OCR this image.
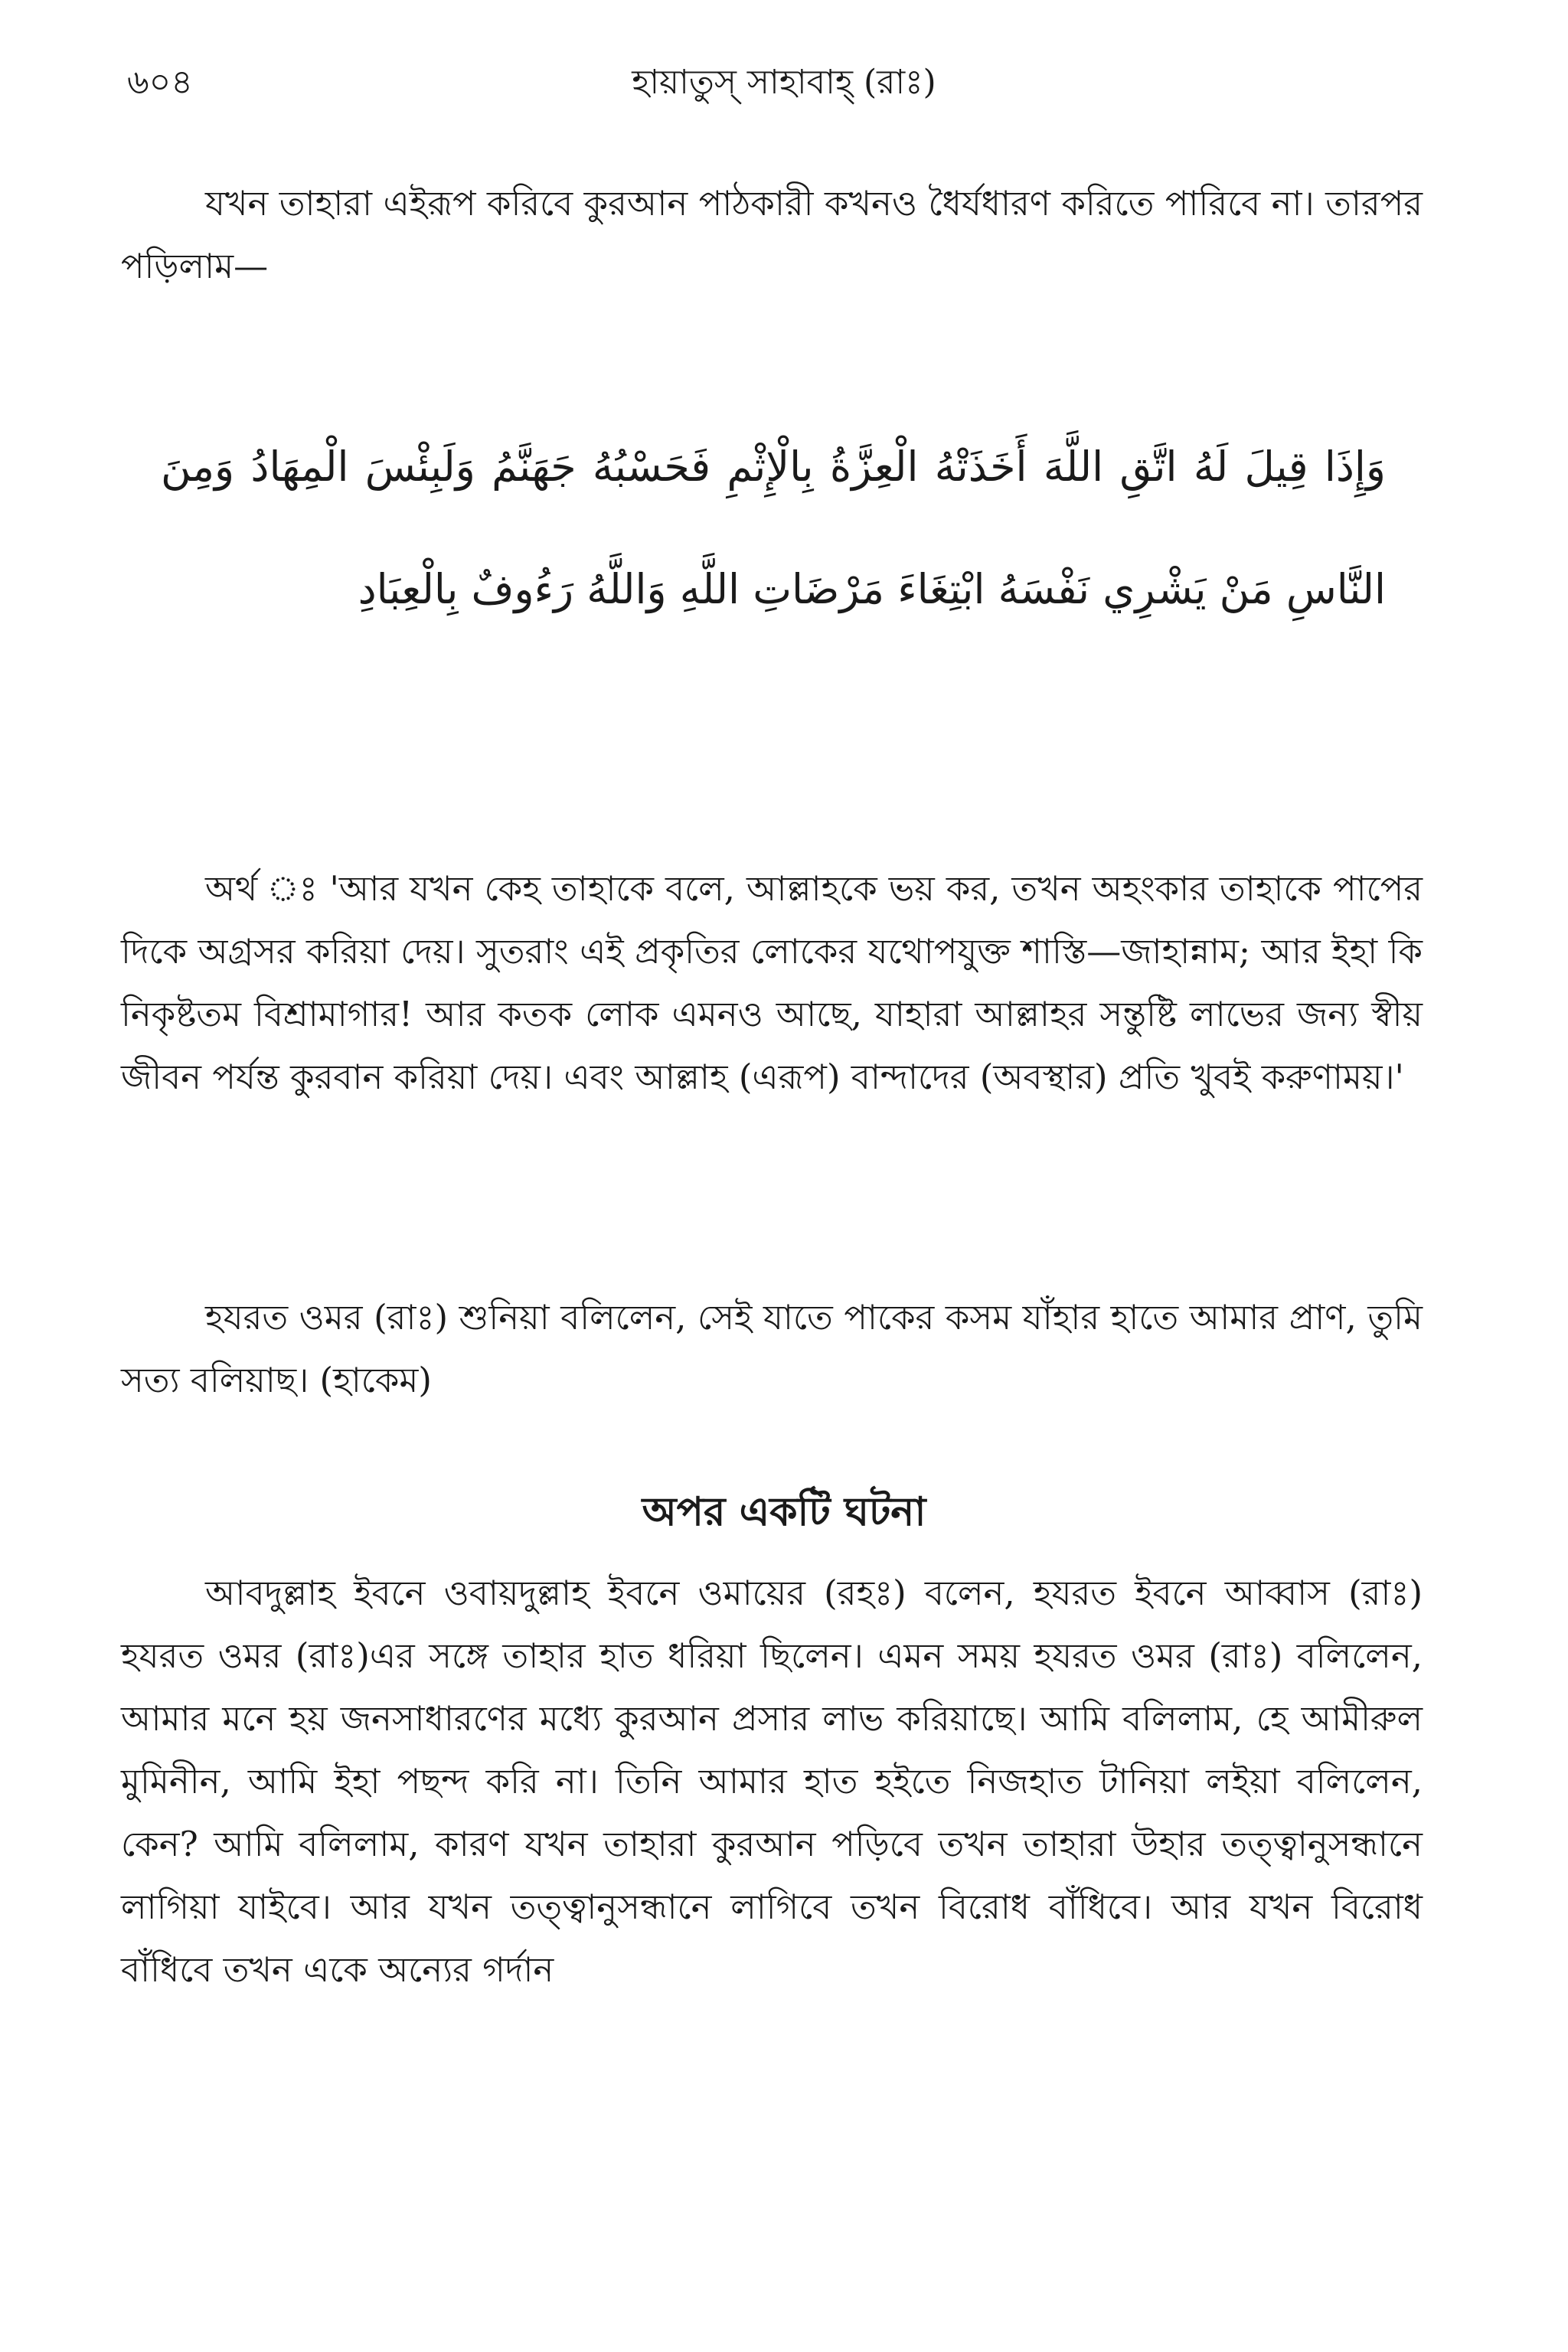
৬০৪	হায়াতুস্ সাহাবাহ্ (রাঃ)

যখন তাহারা এইরূপ করিবে কুরআন পাঠকারী কখনও ধৈর্যধারণ করিতে পারিবে না। তারপর পড়িলাম—

وَإِذَا قِيلَ لَهُ اتَّقِ اللَّهَ أَخَذَتْهُ الْعِزَّةُ بِالْإِثْمِ فَحَسْبُهُ جَهَنَّمُ وَلَبِئْسَ الْمِهَادُ وَمِنَ النَّاسِ مَنْ يَشْرِي نَفْسَهُ ابْتِغَاءَ مَرْضَاتِ اللَّهِ وَاللَّهُ رَءُوفٌ بِالْعِبَادِ

অর্থ ঃ 'আর যখন কেহ তাহাকে বলে, আল্লাহকে ভয় কর, তখন অহংকার তাহাকে পাপের দিকে অগ্রসর করিয়া দেয়। সুতরাং এই প্রকৃতির লোকের যথোপযুক্ত শাস্তি—জাহান্নাম; আর ইহা কি নিকৃষ্টতম বিশ্রামাগার! আর কতক লোক এমনও আছে, যাহারা আল্লাহর সন্তুষ্টি লাভের জন্য স্বীয় জীবন পর্যন্ত কুরবান করিয়া দেয়। এবং আল্লাহ (এরূপ) বান্দাদের (অবস্থার) প্রতি খুবই করুণাময়।'

হযরত ওমর (রাঃ) শুনিয়া বলিলেন, সেই যাতে পাকের কসম যাঁহার হাতে আমার প্রাণ, তুমি সত্য বলিয়াছ। (হাকেম)

অপর একটি ঘটনা

আবদুল্লাহ ইবনে ওবায়দুল্লাহ ইবনে ওমায়ের (রহঃ) বলেন, হযরত ইবনে আব্বাস (রাঃ) হযরত ওমর (রাঃ)এর সঙ্গে তাহার হাত ধরিয়া ছিলেন। এমন সময় হযরত ওমর (রাঃ) বলিলেন, আমার মনে হয় জনসাধারণের মধ্যে কুরআন প্রসার লাভ করিয়াছে। আমি বলিলাম, হে আমীরুল মুমিনীন, আমি ইহা পছন্দ করি না। তিনি আমার হাত হইতে নিজহাত টানিয়া লইয়া বলিলেন, কেন? আমি বলিলাম, কারণ যখন তাহারা কুরআন পড়িবে তখন তাহারা উহার তত্ত্বানুসন্ধানে লাগিয়া যাইবে। আর যখন তত্ত্বানুসন্ধানে লাগিবে তখন বিরোধ বাঁধিবে। আর যখন বিরোধ বাঁধিবে তখন একে অন্যের গর্দান
